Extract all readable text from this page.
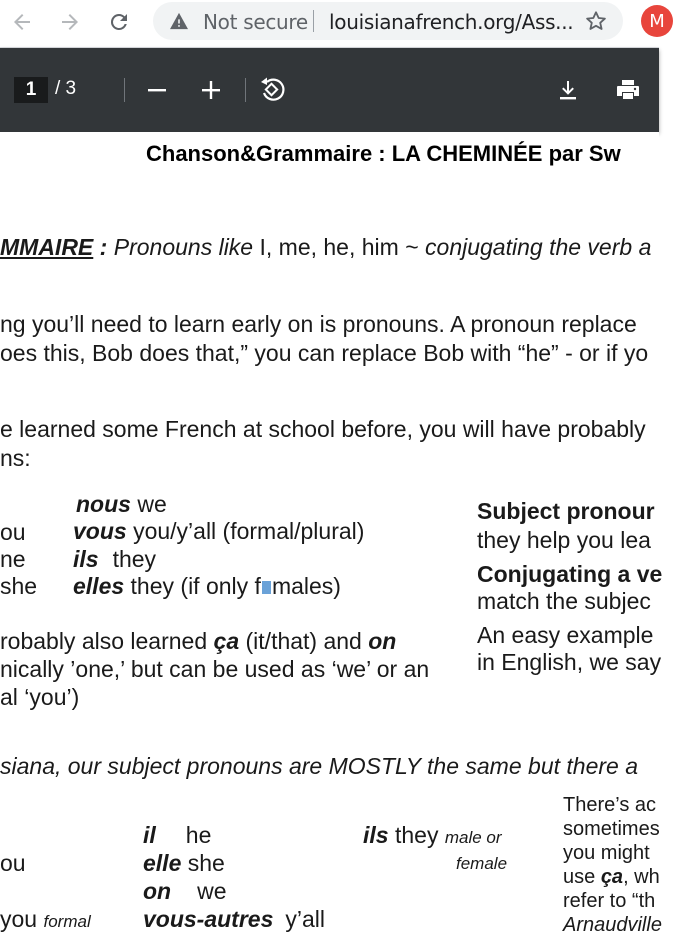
Not secure louisianafrench.org/Ass...	M
1 / 3
Chanson&Grammaire : LA CHEMINÉE par Sw
MMAIRE : Pronouns like I, me, he, him ~ conjugating the verb a
ng you’ll need to learn early on is pronouns. A pronoun replace
oes this, Bob does that,” you can replace Bob with “he” - or if yo
e learned some French at school before, you will have probably
ns:
ou
ne
she
nous we
vous you/y’all (formal/plural)
ils they
elles they (if only f males)
Subject pronour
they help you lea
Conjugating a ve
match the subjec
An easy example
in English, we say
robably also learned ça (it/that) and on
nically ’one,’ but can be used as ‘we’ or an
al ‘you’)
siana, our subject pronouns are MOSTLY the same but there a
ou
you formal
il he
elle she
on we
vous-autres y’all
ils they male or
female
There’s ac
sometimes
you might
use ça, wh
refer to “th
Arnaudville
